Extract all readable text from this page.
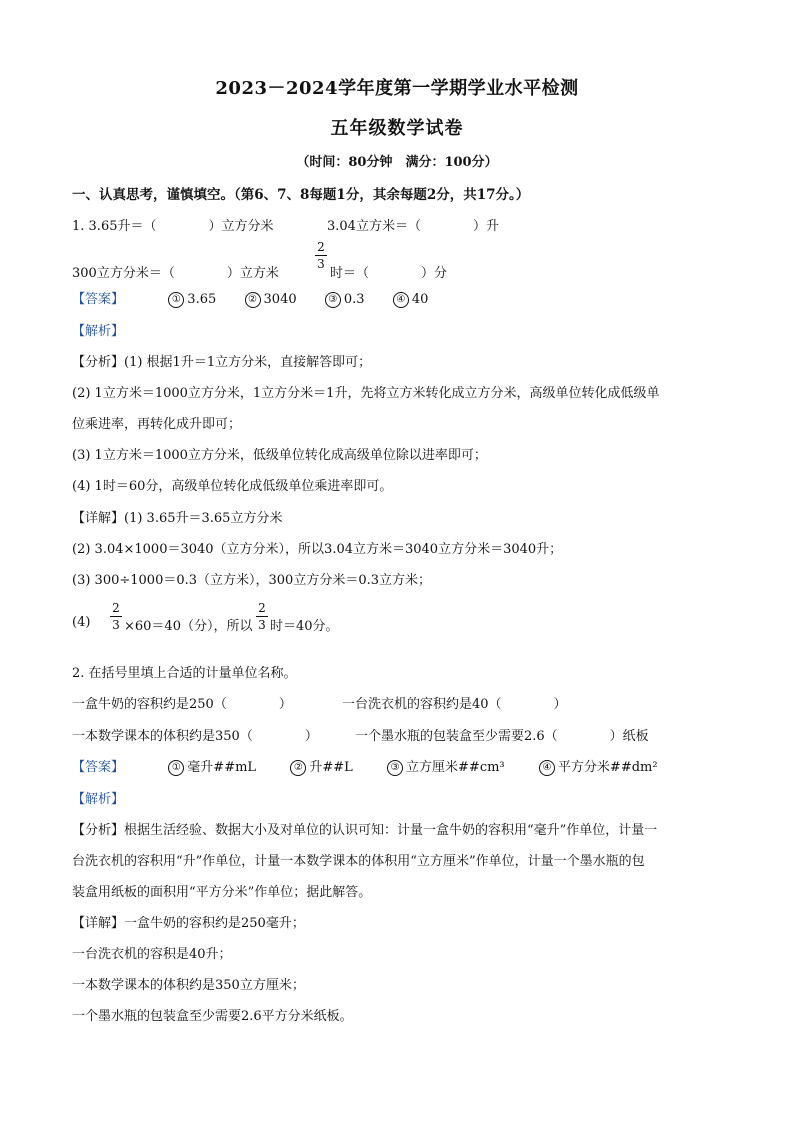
2023－2024学年度第一学期学业水平检测
五年级数学试卷
（时间：80分钟　满分：100分）
一、认真思考，谨慎填空。（第6、7、8每题1分，其余每题2分，共17分。）
1. 3.65升＝（　　　　）立方分米	3.04立方米＝（　　　　）升
300立方分米＝（　　　　）立方米
2
3
时＝（　　　　）分
【答案】	① 3.65	② 3040	③ 0.3	④ 40
【解析】
【分析】(1) 根据1升＝1立方分米，直接解答即可；
(2) 1立方米＝1000立方分米，1立方分米＝1升，先将立方米转化成立方分米，高级单位转化成低级单
位乘进率，再转化成升即可；
(3) 1立方米＝1000立方分米，低级单位转化成高级单位除以进率即可；
(4) 1时＝60分，高级单位转化成低级单位乘进率即可。
【详解】(1) 3.65升＝3.65立方分米
(2) 3.04×1000＝3040（立方分米），所以3.04立方米＝3040立方分米＝3040升；
(3) 300÷1000＝0.3（立方米），300立方分米＝0.3立方米；
(4)
2
3 ×60＝40（分），所以
2
3 时＝40分。
2. 在括号里填上合适的计量单位名称。
一盒牛奶的容积约是250（　　　　）	一台洗衣机的容积约是40（　　　　）
一本数学课本的体积约是350（　　　　）	一个墨水瓶的包装盒至少需要2.6（　　　　）纸板
【答案】	① 毫升##mL	② 升##L	③ 立方厘米##cm³	④ 平方分米##dm²
【解析】
【分析】根据生活经验、数据大小及对单位的认识可知：计量一盒牛奶的容积用“毫升”作单位，计量一
台洗衣机的容积用“升”作单位，计量一本数学课本的体积用“立方厘米”作单位，计量一个墨水瓶的包
装盒用纸板的面积用“平方分米”作单位；据此解答。
【详解】一盒牛奶的容积约是250毫升；
一台洗衣机的容积是40升；
一本数学课本的体积约是350立方厘米；
一个墨水瓶的包装盒至少需要2.6平方分米纸板。
